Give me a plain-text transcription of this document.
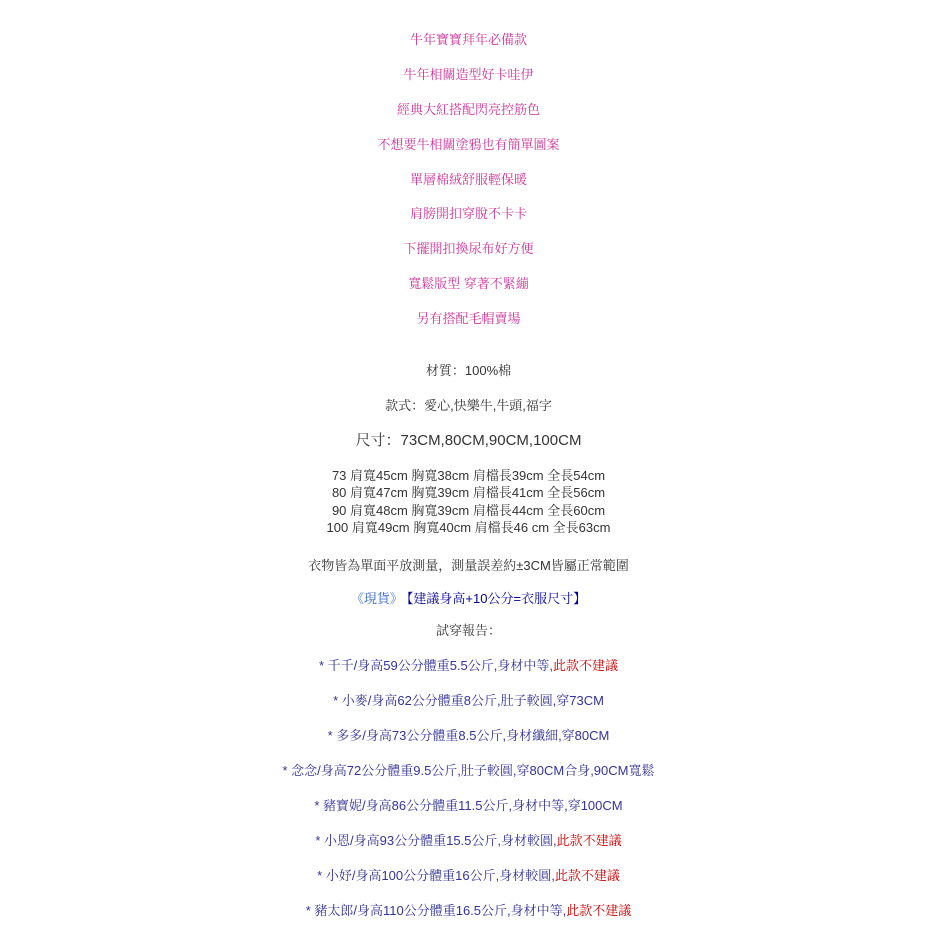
牛年寶寶拜年必備款
牛年相關造型好卡哇伊
經典大紅搭配閃亮控筋色
不想要牛相關塗鴉也有簡單圖案
單層棉絨舒服輕保暖
肩膀開扣穿脫不卡卡
下擺開扣換尿布好方便
寬鬆版型 穿著不緊繃
另有搭配毛帽賣場
材質：100%棉
款式：愛心,快樂牛,牛頭,福字
尺寸：73CM,80CM,90CM,100CM
73 肩寬45cm 胸寬38cm 肩檔長39cm 全長54cm
80 肩寬47cm 胸寬39cm 肩檔長41cm 全長56cm
90 肩寬48cm 胸寬39cm 肩檔長44cm 全長60cm
100 肩寬49cm 胸寬40cm 肩檔長46 cm 全長63cm
衣物皆為單面平放測量，測量誤差約±3CM皆屬正常範圍
《現貨》 【建議身高+10公分=衣服尺寸】
試穿報告：
* 千千/身高59公分體重5.5公斤,身材中等,此款不建議
* 小麥/身高62公分體重8公斤,肚子較圓,穿73CM
* 多多/身高73公分體重8.5公斤,身材纖細,穿80CM
* 念念/身高72公分體重9.5公斤,肚子較圓,穿80CM合身,90CM寬鬆
* 豬寶妮/身高86公分體重11.5公斤,身材中等,穿100CM
* 小恩/身高93公分體重15.5公斤,身材較圓,此款不建議
* 小妤/身高100公分體重16公斤,身材較圓,此款不建議
* 豬太郎/身高110公分體重16.5公斤,身材中等,此款不建議
